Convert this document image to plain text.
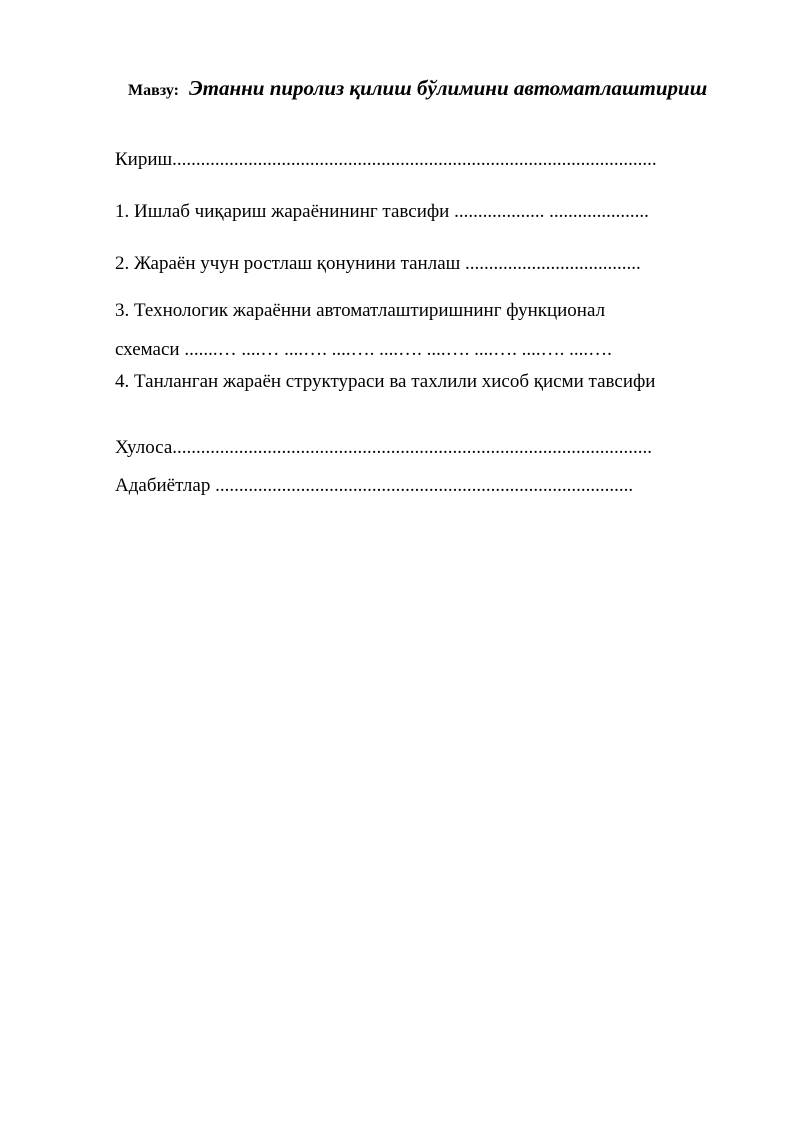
Мавзу: Этанни пиролиз қилиш бўлимини автоматлаштириш
Кириш......................................................................................................
1. Ишлаб чиқариш жараёнининг тавсифи ................... .....................
2. Жараён учун ростлаш қонунини танлаш .....................................
3. Технологик жараённи автоматлаштиришнинг функционал
схемаси .......… ....… ....…. ....…. ....…. ....…. ....…. ....…. ....….
4. Танланган жараён структураси ва тахлили хисоб қисми тавсифи
Хулоса.....................................................................................................
Адабиётлар ........................................................................................
